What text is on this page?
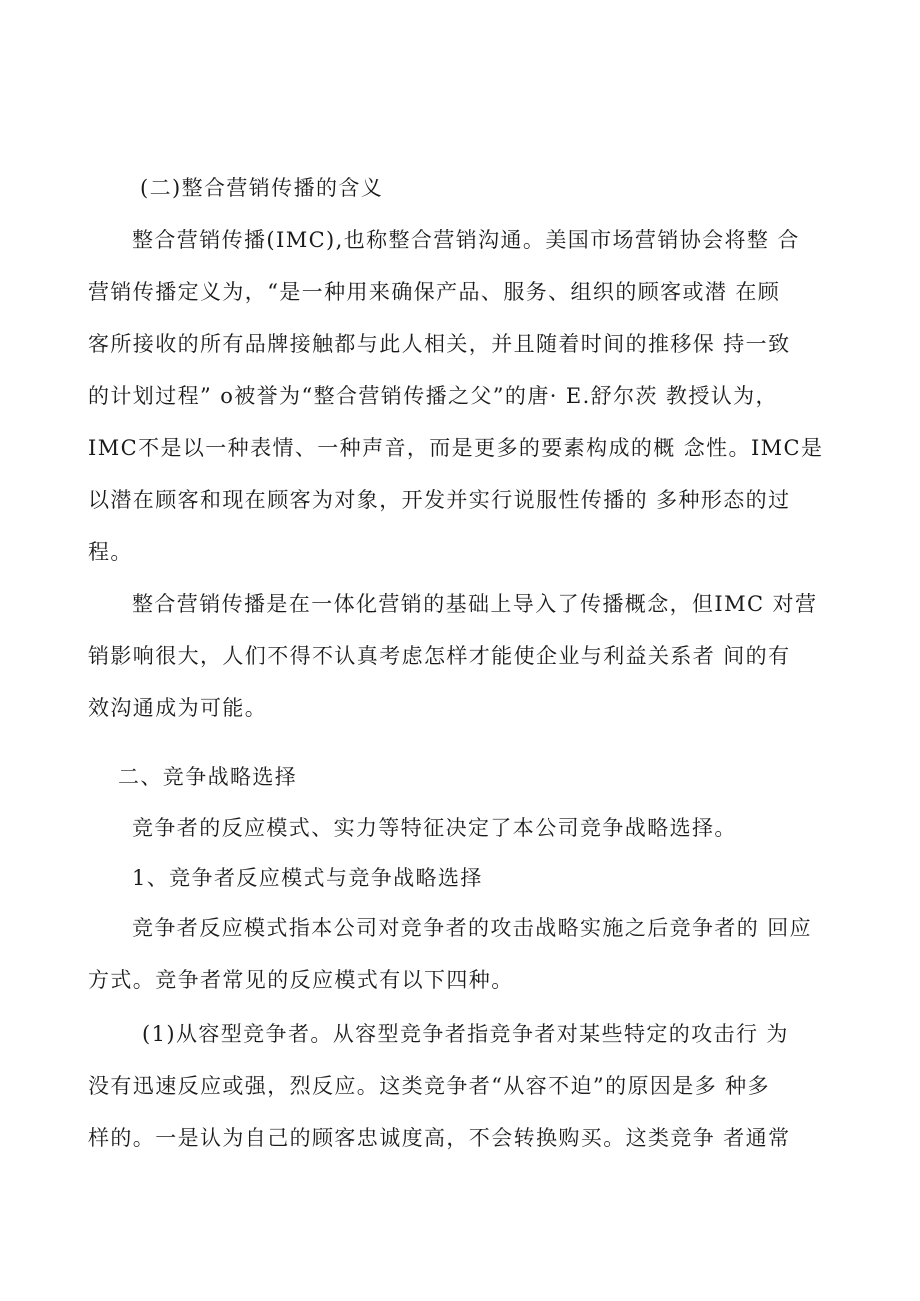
(二)整合营销传播的含义
整合营销传播(IMC),也称整合营销沟通。美国市场营销协会将整 合
营销传播定义为，“是一种用来确保产品、服务、组织的顾客或潜 在顾
客所接收的所有品牌接触都与此人相关，并且随着时间的推移保 持一致
的计划过程” o被誉为“整合营销传播之父”的唐· E.舒尔茨 教授认为，
IMC不是以一种表情、一种声音，而是更多的要素构成的概 念性。IMC是
以潜在顾客和现在顾客为对象，开发并实行说服性传播的 多种形态的过
程。
整合营销传播是在一体化营销的基础上导入了传播概念，但IMC 对营
销影响很大，人们不得不认真考虑怎样才能使企业与利益关系者 间的有
效沟通成为可能。
二、竞争战略选择
竞争者的反应模式、实力等特征决定了本公司竞争战略选择。
1、竞争者反应模式与竞争战略选择
竞争者反应模式指本公司对竞争者的攻击战略实施之后竞争者的 回应
方式。竞争者常见的反应模式有以下四种。
(1)从容型竞争者。从容型竞争者指竞争者对某些特定的攻击行 为
没有迅速反应或强，烈反应。这类竞争者“从容不迫”的原因是多 种多
样的。一是认为自己的顾客忠诚度高，不会转换购买。这类竞争 者通常
